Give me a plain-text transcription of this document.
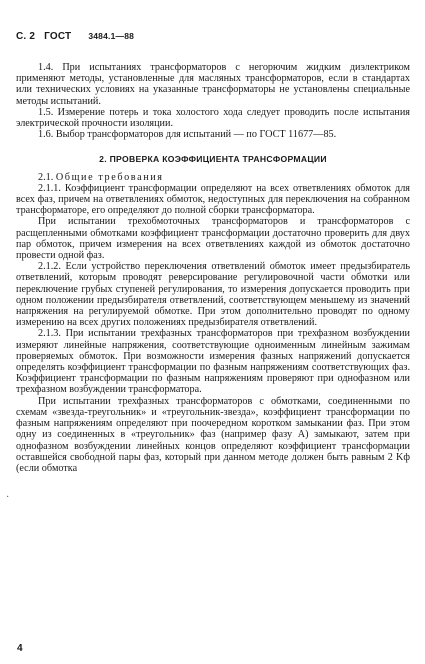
С. 2 ГОСТ 3484.1—88

1.4. При испытаниях трансформаторов с негорючим жидким диэлектриком применяют методы, установленные для масляных трансформаторов, если в стандартах или технических условиях на указанные трансформаторы не установлены специальные методы испытаний.

1.5. Измерение потерь и тока холостого хода следует проводить после испытания электрической прочности изоляции.

1.6. Выбор трансформаторов для испытаний — по ГОСТ 11677—85.

2. ПРОВЕРКА КОЭФФИЦИЕНТА ТРАНСФОРМАЦИИ

2.1. Общие требования

2.1.1. Коэффициент трансформации определяют на всех ответвлениях обмоток для всех фаз, причем на ответвлениях обмоток, недоступных для переключения на собранном трансформаторе, его определяют до полной сборки трансформатора.

При испытании трехобмоточных трансформаторов и трансформаторов с расщепленными обмотками коэффициент трансформации достаточно проверить для двух пар обмоток, причем измерения на всех ответвлениях каждой из обмоток достаточно провести одной фаз.

2.1.2. Если устройство переключения ответвлений обмоток имеет предызбиратель ответвлений, которым проводят реверсирование регулировочной части обмотки или переключение грубых ступеней регулирования, то измерения допускается проводить при одном положении предызбирателя ответвлений, соответствующем меньшему из значений напряжения на регулируемой обмотке. При этом дополнительно проводят по одному измерению на всех других положениях предызбирателя ответвлений.

2.1.3. При испытании трехфазных трансформаторов при трехфазном возбуждении измеряют линейные напряжения, соответствующие одноименным линейным зажимам проверяемых обмоток. При возможности измерения фазных напряжений допускается определять коэффициент трансформации по фазным напряжениям соответствующих фаз. Коэффициент трансформации по фазным напряжениям проверяют при однофазном или трехфазном возбуждении трансформатора.

При испытании трехфазных трансформаторов с обмотками, соединенными по схемам «звезда-треугольник» и «треугольник-звезда», коэффициент трансформации по фазным напряжениям определяют при поочередном коротком замыкании фаз. При этом одну из соединенных в «треугольник» фаз (например фазу A) замыкают, затем при однофазном возбуждении линейных концов определяют коэффициент трансформации оставшейся свободной пары фаз, который при данном методе должен быть равным 2 Kф (если обмотка

·
4
